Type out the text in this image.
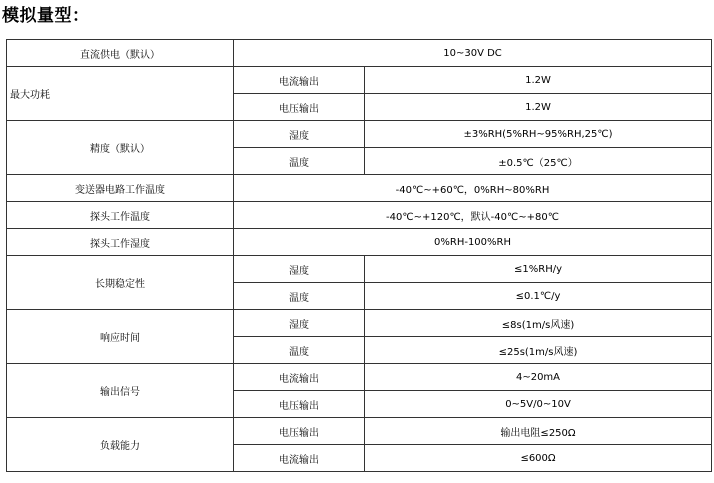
模拟量型：
直流供电（默认）	10~30V DC	
最大功耗	电流输出	1.2W
	电压输出	1.2W
精度（默认）	湿度	±3%RH(5%RH~95%RH,25℃)
	温度	±0.5℃（25℃）
变送器电路工作温度	-40℃~+60℃，0%RH~80%RH	
探头工作温度	-40℃~+120℃，默认-40℃~+80℃	
探头工作湿度	0%RH-100%RH	
长期稳定性	湿度	≤1%RH/y
	温度	≤0.1℃/y
响应时间	湿度	≤8s(1m/s风速)
	温度	≤25s(1m/s风速)
输出信号	电流输出	4~20mA
	电压输出	0~5V/0~10V
负载能力	电压输出	输出电阻≤250Ω
	电流输出	≤600Ω
